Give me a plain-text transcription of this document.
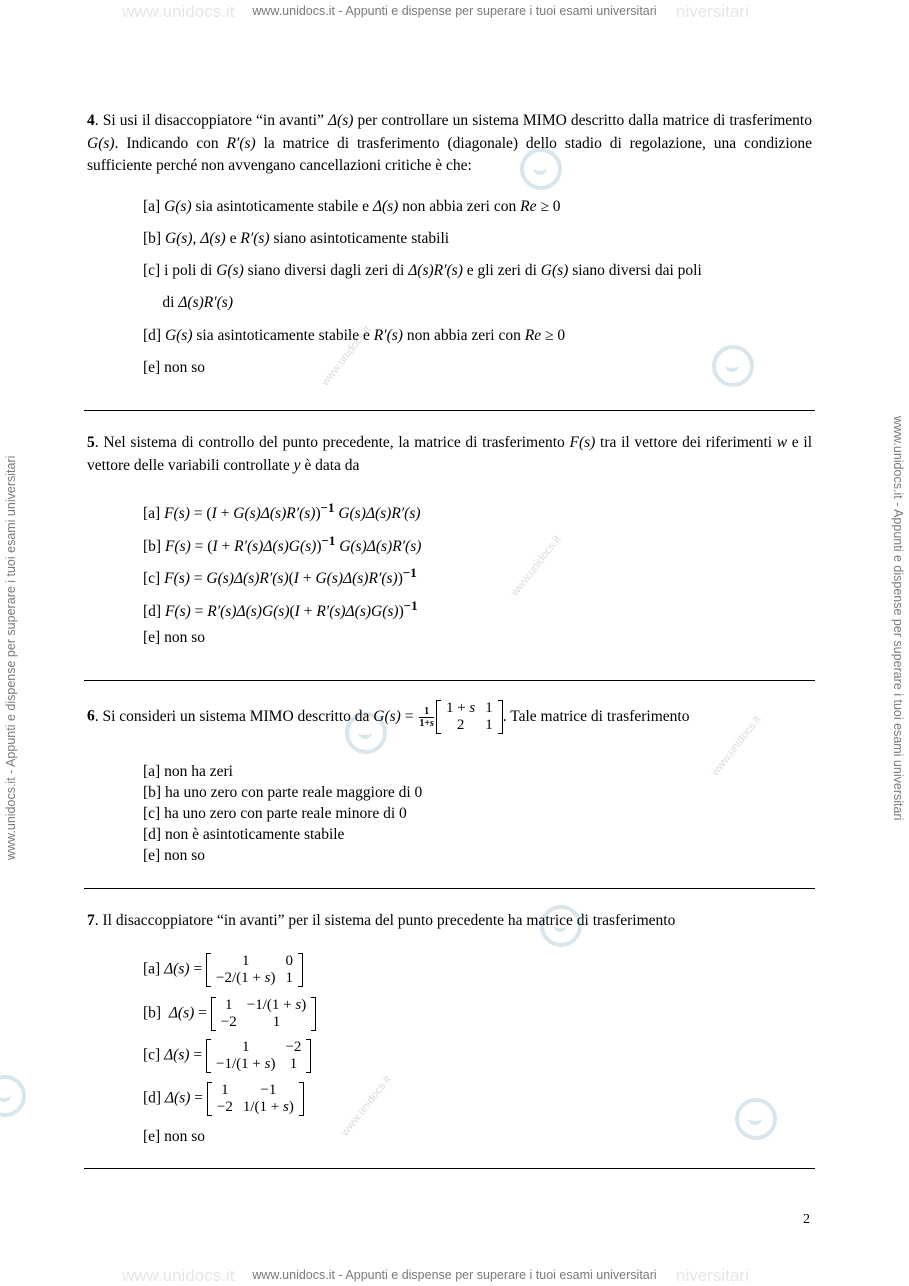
www.unidocs.it	niversitari
www.unidocs.it - Appunti e dispense per superare i tuoi esami universitari
www.unidocs.it	niversitari
www.unidocs.it - Appunti e dispense per superare i tuoi esami universitari
www.unidocs.it - Appunti e dispense per superare i tuoi esami universitari	www.unidocs.it - Appunti e dispense per superare i tuoi esami universitari
www.unidocs.it
www.unidocs.it
www.unidocs.it
www.unidocs.it
4. Si usi il disaccoppiatore “in avanti” Δ(s) per controllare un sistema MIMO descritto dalla matrice di trasferimento G(s). Indicando con R′(s) la matrice di trasferimento (diagonale) dello stadio di regolazione, una condizione sufficiente perché non avvengano cancellazioni critiche è che:
[a] G(s) sia asintoticamente stabile e Δ(s) non abbia zeri con Re ≥ 0
[b] G(s), Δ(s) e R′(s) siano asintoticamente stabili
[c] i poli di G(s) siano diversi dagli zeri di Δ(s)R′(s) e gli zeri di G(s) siano diversi dai poli
di Δ(s)R′(s)
[d] G(s) sia asintoticamente stabile e R′(s) non abbia zeri con Re ≥ 0
[e] non so
5. Nel sistema di controllo del punto precedente, la matrice di trasferimento F(s) tra il vettore dei riferimenti w e il vettore delle variabili controllate y è data da
[a] $F(s) = (I + G(s)\Delta(s)R'(s))^{-1}$ G(s)Δ(s)R′(s)
[b] $F(s) = (I + R'(s)\Delta(s)G(s))^{-1}$ G(s)Δ(s)R′(s)
[c] $F(s) = G(s)\Delta(s)R'(s)(I + G(s)\Delta(s)R'(s))^{-1}$
[d] $F(s) = R'(s)\Delta(s)G(s)(I + R'(s)\Delta(s)G(s))^{-1}$
[e] non so
6. Si consideri un sistema MIMO descritto da $G(s) = \frac{1}{1+s} 1 + s$	1
2	1
. Tale matrice di trasferimento
[a] non ha zeri
[b] ha uno zero con parte reale maggiore di 0
[c] ha uno zero con parte reale minore di 0
[d] non è asintoticamente stabile
[e] non so
7. Il disaccoppiatore “in avanti” per il sistema del punto precedente ha matrice di trasferimento
[a] Δ(s) = 1	0
−2/(1 + s)	1
[b]  Δ(s) = 1	−1/(1 + s)
−2	1
[c] Δ(s) = 1	−2
−1/(1 + s)	1
[d] Δ(s) = 1	−1
−2	1/(1 + s)
[e] non so
2
